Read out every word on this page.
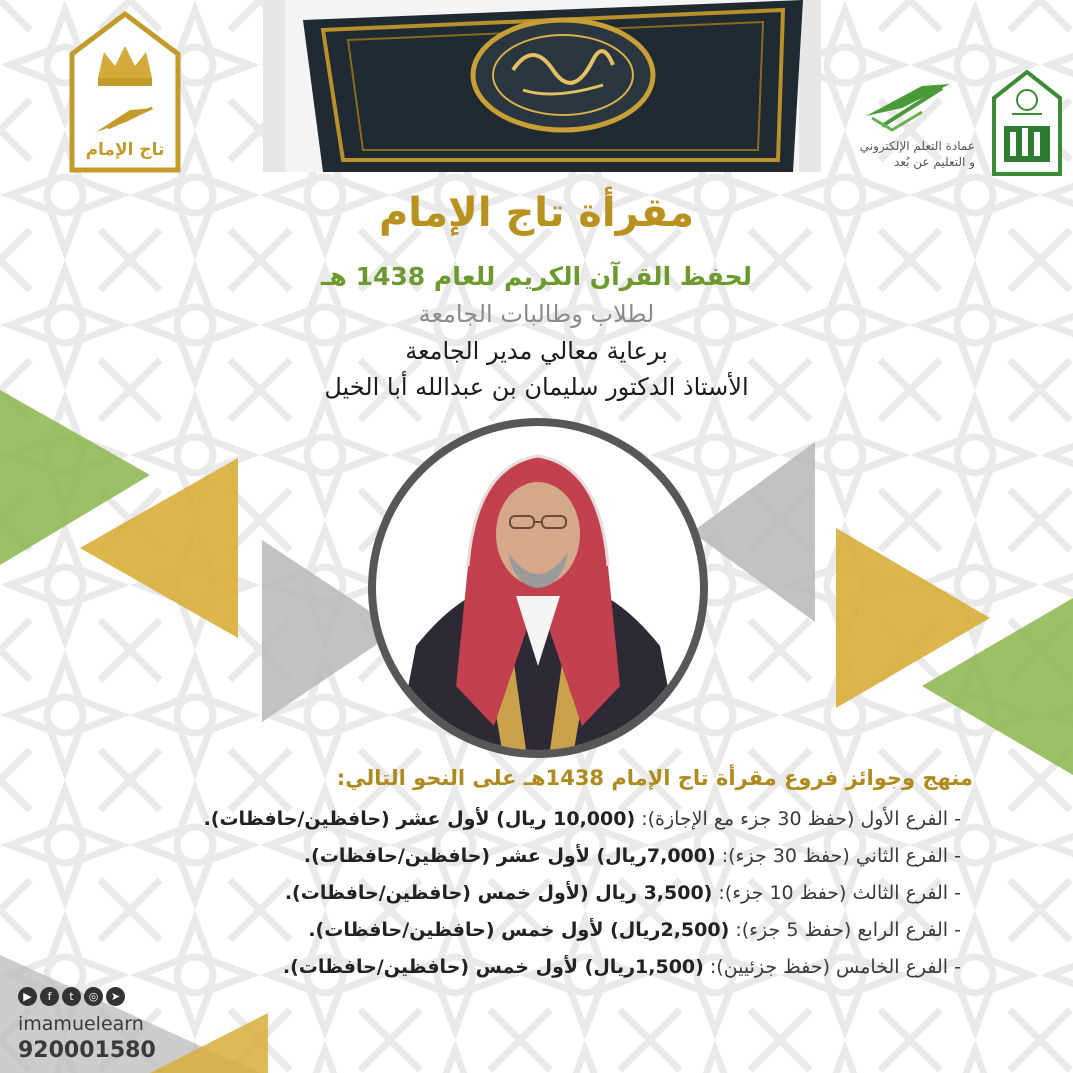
تاج الإمام	عمادة التعلم الإلكتروني
و التعليم عن بُعد
مقرأة تاج الإمام
لحفظ القرآن الكريم للعام 1438 هـ
لطلاب وطالبات الجامعة
برعاية معالي مدير الجامعة
الأستاذ الدكتور سليمان بن عبدالله أبا الخيل
منهج وجوائز فروع مقرأة تاج الإمام 1438هـ على النحو التالي:
- الفرع الأول (حفظ 30 جزء مع الإجازة): (10,000 ريال) لأول عشر (حافظين/حافظات).
- الفرع الثاني (حفظ 30 جزء): (7,000ريال) لأول عشر (حافظين/حافظات).
- الفرع الثالث (حفظ 10 جزء): (3,500 ريال (لأول خمس (حافظين/حافظات).
- الفرع الرابع (حفظ 5 جزء): (2,500ريال) لأول خمس (حافظين/حافظات).
- الفرع الخامس (حفظ جزئيين): (1,500ريال) لأول خمس (حافظين/حافظات).
▶	f	t	◎	➤
imamuelearn
920001580
